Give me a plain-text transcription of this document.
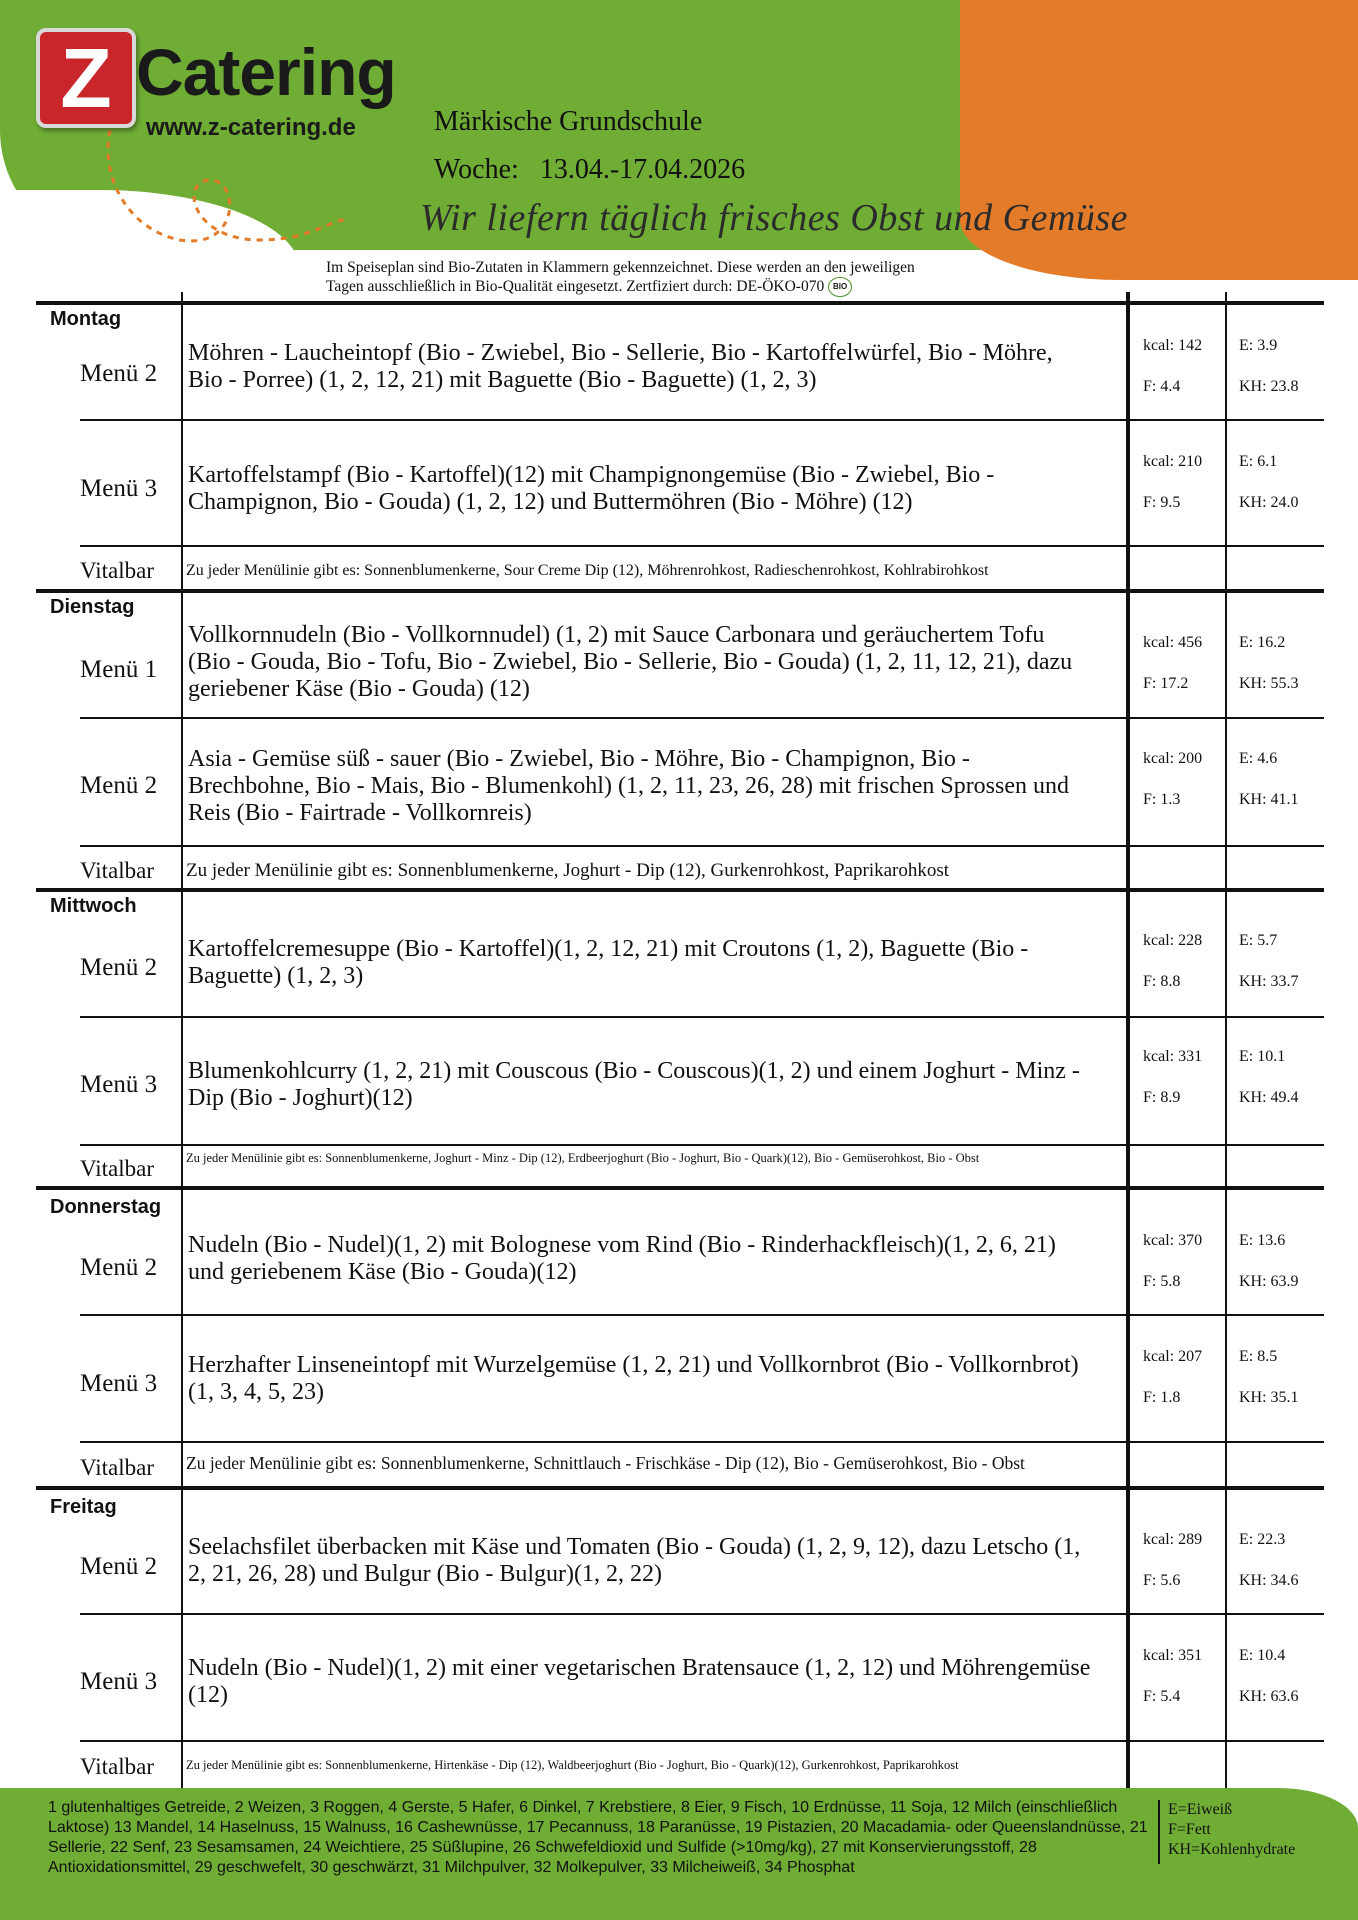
Z Catering
www.z-catering.de	Märkische Grundschule
Woche: 13.04.-17.04.2026
Wir liefern täglich frisches Obst und Gemüse
Im Speiseplan sind Bio-Zutaten in Klammern gekennzeichnet. Diese werden an den jeweiligen
Tagen ausschließlich in Bio-Qualität eingesetzt. Zertfiziert durch: DE-ÖKO-070 BIO
Montag
Menü 2
Möhren - Laucheintopf (Bio - Zwiebel, Bio - Sellerie, Bio - Kartoffelwürfel, Bio - Möhre, Bio - Porree) (1, 2, 12, 21) mit Baguette (Bio - Baguette) (1, 2, 3)
kcal: 142
F: 4.4
E: 3.9
KH: 23.8
Menü 3 Kartoffelstampf (Bio - Kartoffel)(12) mit Champignongemüse (Bio - Zwiebel, Bio - Champignon, Bio - Gouda) (1, 2, 12) und Buttermöhren (Bio - Möhre) (12)
kcal: 210
F: 9.5
E: 6.1
KH: 24.0
Vitalbar Zu jeder Menülinie gibt es: Sonnenblumenkerne, Sour Creme Dip (12), Möhrenrohkost, Radieschenrohkost, Kohlrabirohkost
Dienstag
Menü 1
Vollkornnudeln (Bio - Vollkornnudel) (1, 2) mit Sauce Carbonara und geräuchertem Tofu (Bio - Gouda, Bio - Tofu, Bio - Zwiebel, Bio - Sellerie, Bio - Gouda) (1, 2, 11, 12, 21), dazu geriebener Käse (Bio - Gouda) (12)
kcal: 456
F: 17.2
E: 16.2
KH: 55.3
Menü 2
Asia - Gemüse süß - sauer (Bio - Zwiebel, Bio - Möhre, Bio - Champignon, Bio - Brechbohne, Bio - Mais, Bio - Blumenkohl) (1, 2, 11, 23, 26, 28) mit frischen Sprossen und Reis (Bio - Fairtrade - Vollkornreis)
kcal: 200
F: 1.3
E: 4.6
KH: 41.1
Vitalbar Zu jeder Menülinie gibt es: Sonnenblumenkerne, Joghurt - Dip (12), Gurkenrohkost, Paprikarohkost
Mittwoch
Menü 2
Kartoffelcremesuppe (Bio - Kartoffel)(1, 2, 12, 21) mit Croutons (1, 2), Baguette (Bio - Baguette) (1, 2, 3)
kcal: 228
F: 8.8
E: 5.7
KH: 33.7
Menü 3 Blumenkohlcurry (1, 2, 21) mit Couscous (Bio - Couscous)(1, 2) und einem Joghurt - Minz - Dip (Bio - Joghurt)(12)
kcal: 331
F: 8.9
E: 10.1
KH: 49.4
Vitalbar	Zu jeder Menülinie gibt es: Sonnenblumenkerne, Joghurt - Minz - Dip (12), Erdbeerjoghurt (Bio - Joghurt, Bio - Quark)(12), Bio - Gemüserohkost, Bio - Obst
Donnerstag
Menü 2
Nudeln (Bio - Nudel)(1, 2) mit Bolognese vom Rind (Bio - Rinderhackfleisch)(1, 2, 6, 21) und geriebenem Käse (Bio - Gouda)(12)
kcal: 370
F: 5.8
E: 13.6
KH: 63.9
Menü 3
Herzhafter Linseneintopf mit Wurzelgemüse (1, 2, 21) und Vollkornbrot (Bio - Vollkornbrot)(1, 3, 4, 5, 23)
kcal: 207
F: 1.8
E: 8.5
KH: 35.1
Vitalbar Zu jeder Menülinie gibt es: Sonnenblumenkerne, Schnittlauch - Frischkäse - Dip (12), Bio - Gemüserohkost, Bio - Obst
Freitag
Menü 2
Seelachsfilet überbacken mit Käse und Tomaten (Bio - Gouda) (1, 2, 9, 12), dazu Letscho (1, 2, 21, 26, 28) und Bulgur (Bio - Bulgur)(1, 2, 22)
kcal: 289
F: 5.6
E: 22.3
KH: 34.6
Menü 3 Nudeln (Bio - Nudel)(1, 2) mit einer vegetarischen Bratensauce (1, 2, 12) und Möhrengemüse (12)
kcal: 351
F: 5.4
E: 10.4
KH: 63.6
Vitalbar	Zu jeder Menülinie gibt es: Sonnenblumenkerne, Hirtenkäse - Dip (12), Waldbeerjoghurt (Bio - Joghurt, Bio - Quark)(12), Gurkenrohkost, Paprikarohkost
1 glutenhaltiges Getreide, 2 Weizen, 3 Roggen, 4 Gerste, 5 Hafer, 6 Dinkel, 7 Krebstiere, 8 Eier, 9 Fisch, 10 Erdnüsse, 11 Soja, 12 Milch (einschließlich Laktose) 13 Mandel, 14 Haselnuss, 15 Walnuss, 16 Cashewnüsse, 17 Pecannuss, 18 Paranüsse, 19 Pistazien, 20 Macadamia- oder Queenslandnüsse, 21 Sellerie, 22 Senf, 23 Sesamsamen, 24 Weichtiere, 25 Süßlupine, 26 Schwefeldioxid und Sulfide (>10mg/kg), 27 mit Konservierungsstoff, 28 Antioxidationsmittel, 29 geschwefelt, 30 geschwärzt, 31 Milchpulver, 32 Molkepulver, 33 Milcheiweiß, 34 Phosphat
E=Eiweiß
F=Fett
KH=Kohlenhydrate
